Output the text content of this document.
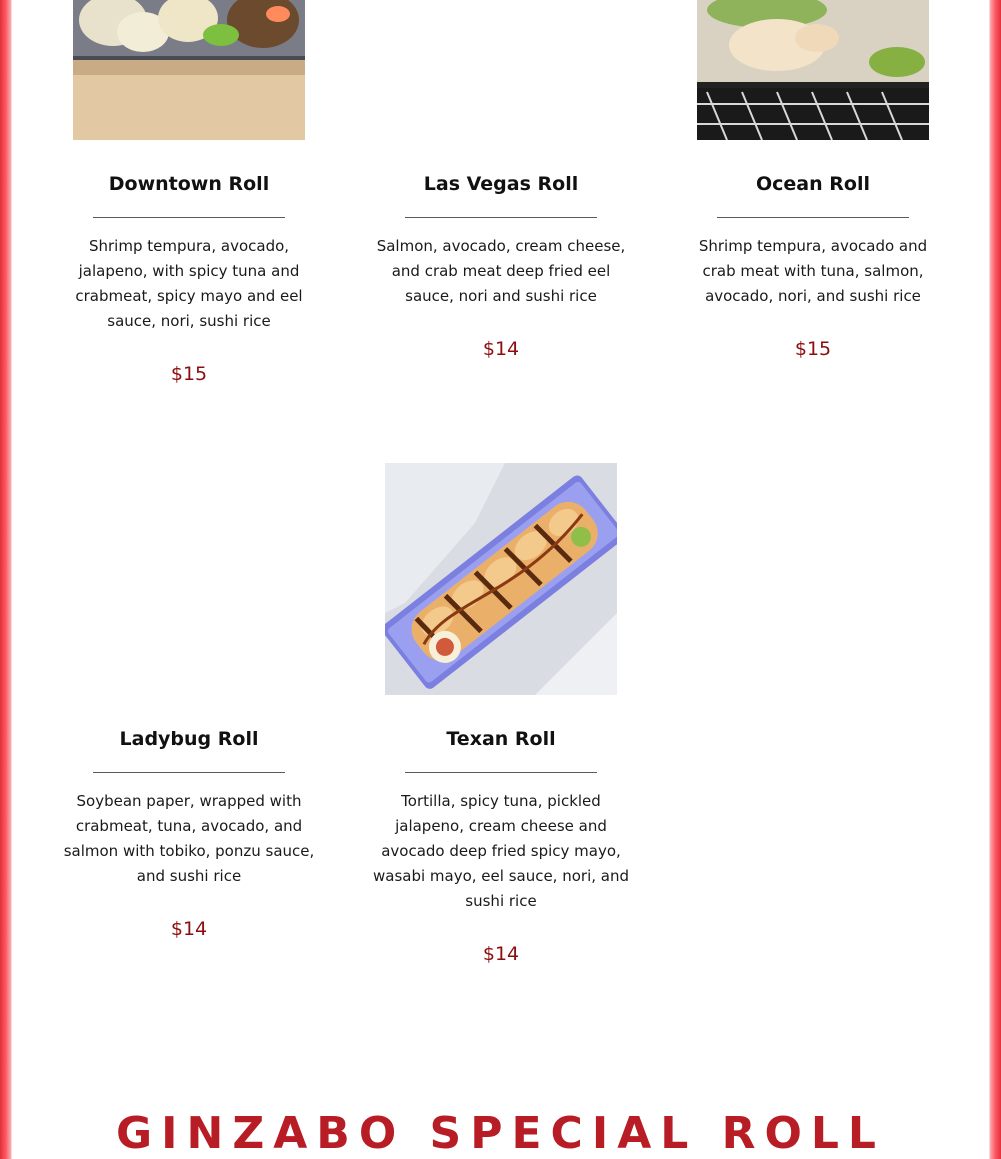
Downtown Roll

Shrimp tempura, avocado, jalapeno, with spicy tuna and crabmeat, spicy mayo and eel sauce, nori, sushi rice

$15

Las Vegas Roll

Salmon, avocado, cream cheese, and crab meat deep fried eel sauce, nori and sushi rice

$14

Ocean Roll

Shrimp tempura, avocado and crab meat with tuna, salmon, avocado, nori, and sushi rice

$15

Ladybug Roll

Soybean paper, wrapped with crabmeat, tuna, avocado, and salmon with tobiko, ponzu sauce, and sushi rice

$14

Texan Roll

Tortilla, spicy tuna, pickled jalapeno, cream cheese and avocado deep fried spicy mayo, wasabi mayo, eel sauce, nori, and sushi rice

$14
GINZABO SPECIAL ROLL
